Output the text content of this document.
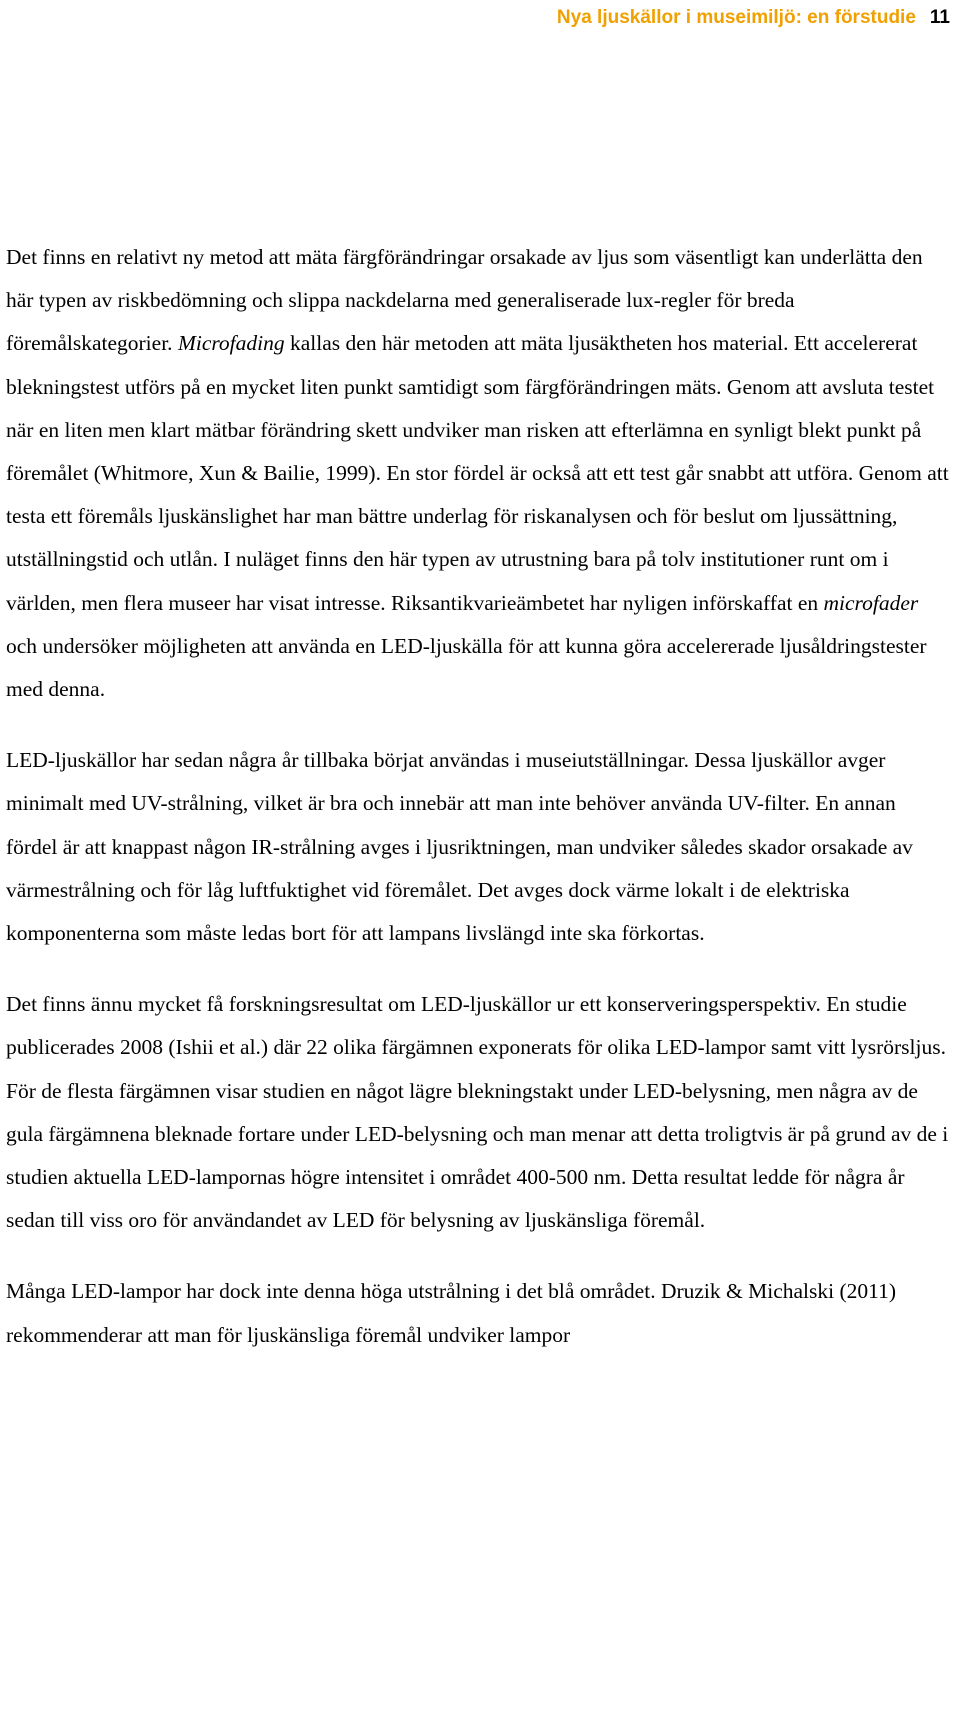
Nya ljuskällor i museimiljö: en förstudie 11

Det finns en relativt ny metod att mäta färgförändringar orsakade av ljus som väsentligt kan underlätta den här typen av riskbedömning och slippa nackdelarna med generaliserade lux-regler för breda föremålskategorier. Microfading kallas den här metoden att mäta ljusäktheten hos material. Ett accelererat blekningstest utförs på en mycket liten punkt samtidigt som färgförändringen mäts. Genom att avsluta testet när en liten men klart mätbar förändring skett undviker man risken att efterlämna en synligt blekt punkt på föremålet (Whitmore, Xun & Bailie, 1999). En stor fördel är också att ett test går snabbt att utföra. Genom att testa ett föremåls ljuskänslighet har man bättre underlag för riskanalysen och för beslut om ljussättning, utställningstid och utlån. I nuläget finns den här typen av utrustning bara på tolv institutioner runt om i världen, men flera museer har visat intresse. Riksantikvarieämbetet har nyligen införskaffat en microfader och undersöker möjligheten att använda en LED-ljuskälla för att kunna göra accelererade ljusåldringstester med denna.

LED-ljuskällor har sedan några år tillbaka börjat användas i museiutställningar. Dessa ljuskällor avger minimalt med UV-strålning, vilket är bra och innebär att man inte behöver använda UV-filter. En annan fördel är att knappast någon IR-strålning avges i ljusriktningen, man undviker således skador orsakade av värmestrålning och för låg luftfuktighet vid föremålet. Det avges dock värme lokalt i de elektriska komponenterna som måste ledas bort för att lampans livslängd inte ska förkortas.

Det finns ännu mycket få forskningsresultat om LED-ljuskällor ur ett konserveringsperspektiv. En studie publicerades 2008 (Ishii et al.) där 22 olika färgämnen exponerats för olika LED-lampor samt vitt lysrörsljus. För de flesta färgämnen visar studien en något lägre blekningstakt under LED-belysning, men några av de gula färgämnena bleknade fortare under LED-belysning och man menar att detta troligtvis är på grund av de i studien aktuella LED-lampornas högre intensitet i området 400-500 nm. Detta resultat ledde för några år sedan till viss oro för användandet av LED för belysning av ljuskänsliga föremål.

Många LED-lampor har dock inte denna höga utstrålning i det blå området. Druzik & Michalski (2011) rekommenderar att man för ljuskänsliga föremål undviker lampor
